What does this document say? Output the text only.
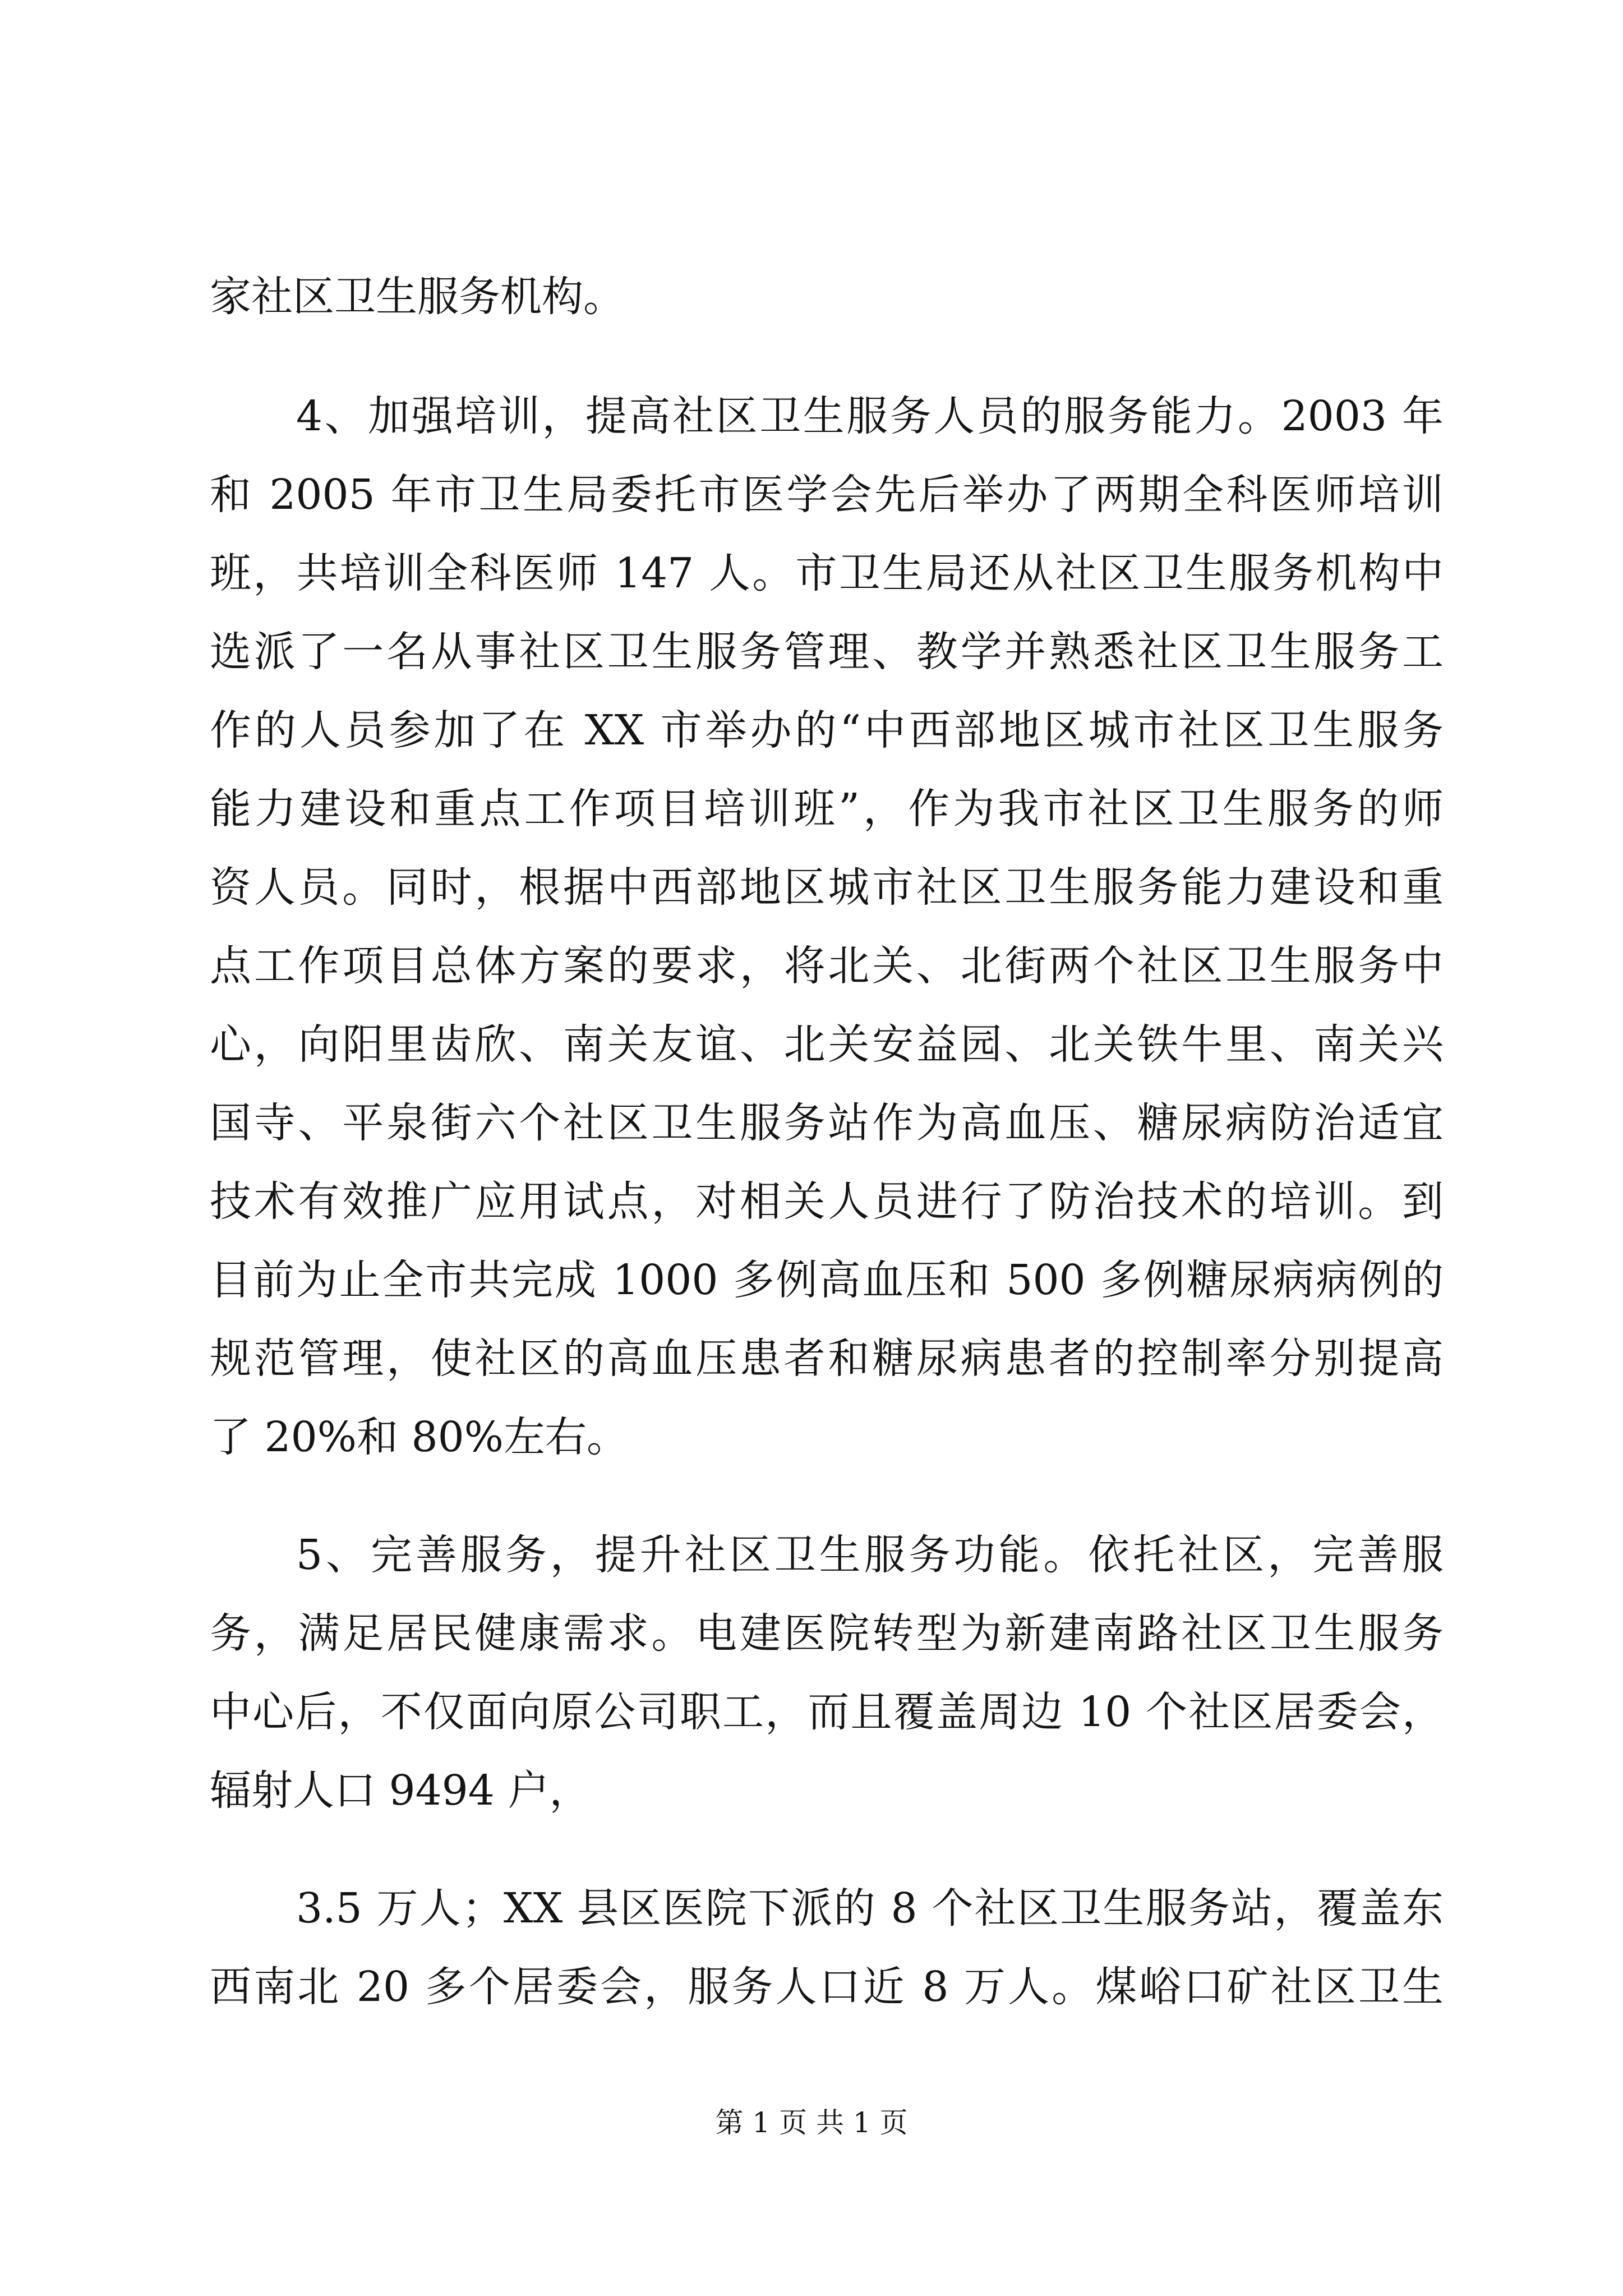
家社区卫生服务机构。
4、加强培训，提高社区卫生服务人员的服务能力。2003 年
和 2005 年市卫生局委托市医学会先后举办了两期全科医师培训
班，共培训全科医师 147 人。市卫生局还从社区卫生服务机构中
选派了一名从事社区卫生服务管理、教学并熟悉社区卫生服务工
作的人员参加了在 XX 市举办的“中西部地区城市社区卫生服务
能力建设和重点工作项目培训班”，作为我市社区卫生服务的师
资人员。同时，根据中西部地区城市社区卫生服务能力建设和重
点工作项目总体方案的要求，将北关、北街两个社区卫生服务中
心，向阳里齿欣、南关友谊、北关安益园、北关铁牛里、南关兴
国寺、平泉街六个社区卫生服务站作为高血压、糖尿病防治适宜
技术有效推广应用试点，对相关人员进行了防治技术的培训。到
目前为止全市共完成 1000 多例高血压和 500 多例糖尿病病例的
规范管理，使社区的高血压患者和糖尿病患者的控制率分别提高
了 20%和 80%左右。
5、完善服务，提升社区卫生服务功能。依托社区，完善服
务，满足居民健康需求。电建医院转型为新建南路社区卫生服务
中心后，不仅面向原公司职工，而且覆盖周边 10 个社区居委会，
辐射人口 9494 户，
3.5 万人；XX 县区医院下派的 8 个社区卫生服务站，覆盖东
西南北 20 多个居委会，服务人口近 8 万人。煤峪口矿社区卫生
第 1 页 共 1 页
